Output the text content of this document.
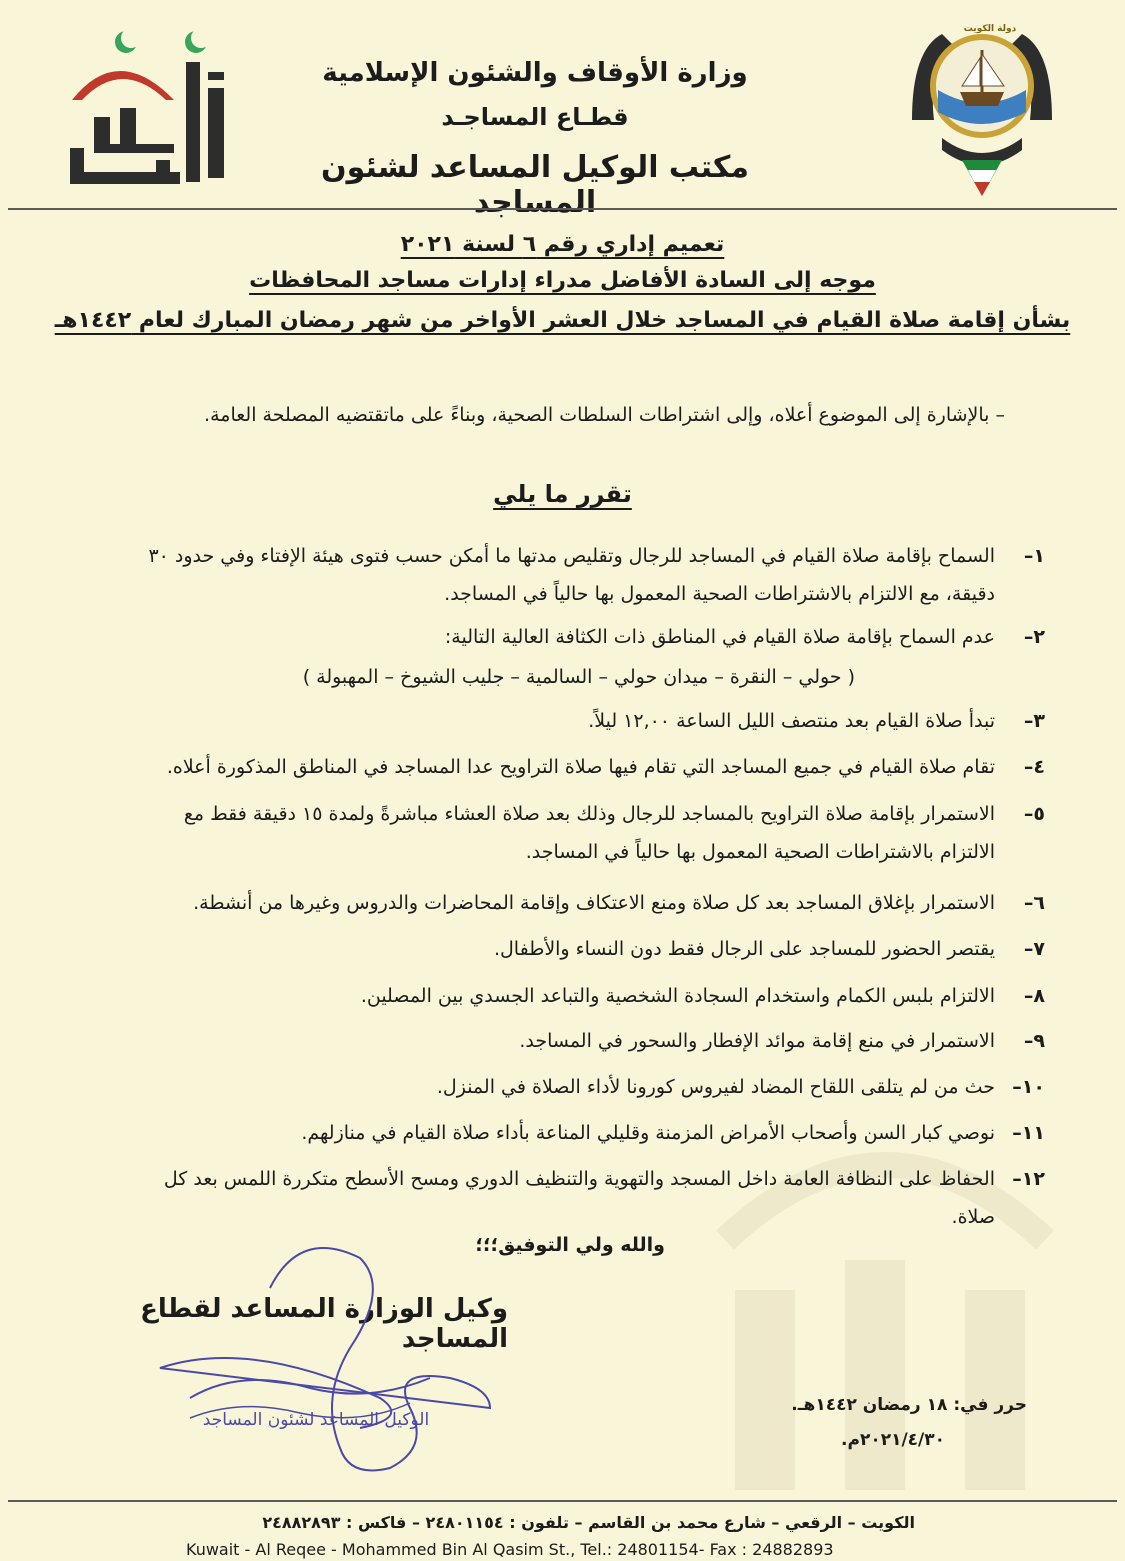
وزارة الأوقاف والشئون الإسلامية
قطـاع المساجـد
مكتب الوكيل المساعد لشئون المساجد
دولة الكويت
تعميم إداري رقم ٦ لسنة ٢٠٢١
موجه إلى السادة الأفاضل مدراء إدارات مساجد المحافظات
بشأن إقامة صلاة القيام في المساجد خلال العشر الأواخر من شهر رمضان المبارك لعام ١٤٤٢هـ
– بالإشارة إلى الموضوع أعلاه، وإلى اشتراطات السلطات الصحية، وبناءً على ماتقتضيه المصلحة العامة.
تقرر ما يلي
١–
السماح بإقامة صلاة القيام في المساجد للرجال وتقليص مدتها ما أمكن حسب فتوى هيئة الإفتاء وفي حدود ٣٠ دقيقة، مع الالتزام بالاشتراطات الصحية المعمول بها حالياً في المساجد.
٢–
عدم السماح بإقامة صلاة القيام في المناطق ذات الكثافة العالية التالية:
( حولي – النقرة – ميدان حولي – السالمية – جليب الشيوخ – المهبولة )
٣–
تبدأ صلاة القيام بعد منتصف الليل الساعة ١٢,٠٠ ليلاً.
٤–
تقام صلاة القيام في جميع المساجد التي تقام فيها صلاة التراويح عدا المساجد في المناطق المذكورة أعلاه.
٥–
الاستمرار بإقامة صلاة التراويح بالمساجد للرجال وذلك بعد صلاة العشاء مباشرةً ولمدة ١٥ دقيقة فقط مع الالتزام بالاشتراطات الصحية المعمول بها حالياً في المساجد.
٦–
الاستمرار بإغلاق المساجد بعد كل صلاة ومنع الاعتكاف وإقامة المحاضرات والدروس وغيرها من أنشطة.
٧–
يقتصر الحضور للمساجد على الرجال فقط دون النساء والأطفال.
٨–
الالتزام بلبس الكمام واستخدام السجادة الشخصية والتباعد الجسدي بين المصلين.
٩–
الاستمرار في منع إقامة موائد الإفطار والسحور في المساجد.
١٠–
حث من لم يتلقى اللقاح المضاد لفيروس كورونا لأداء الصلاة في المنزل.
١١–
نوصي كبار السن وأصحاب الأمراض المزمنة وقليلي المناعة بأداء صلاة القيام في منازلهم.
١٢–
الحفاظ على النظافة العامة داخل المسجد والتهوية والتنظيف الدوري ومسح الأسطح متكررة اللمس بعد كل صلاة.
والله ولي التوفيق؛؛؛
وكيل الوزارة المساعد لقطاع المساجد
الوكيل المساعد لشئون المساجد
حرر في: ١٨ رمضان ١٤٤٢هـ.
٢٠٢١/٤/٣٠م.
الكويت – الرقعي – شارع محمد بن القاسم – تلفون : ٢٤٨٠١١٥٤ – فاكس : ٢٤٨٨٢٨٩٣
Kuwait - Al Reqee - Mohammed Bin Al Qasim St., Tel.: 24801154- Fax : 24882893
